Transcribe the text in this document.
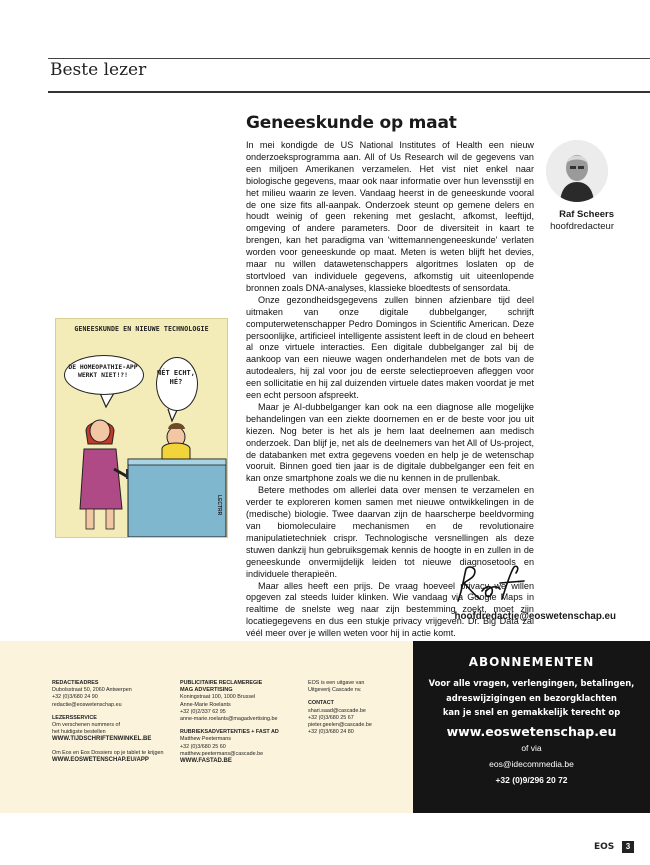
Beste lezer
Geneeskunde op maat

In mei kondigde de US National Institutes of Health een nieuw onderzoeksprogramma aan. All of Us Research wil de gegevens van een miljoen Amerikanen verzamelen. Het vist niet enkel naar biologische gegevens, maar ook naar informatie over hun levensstijl en het milieu waarin ze leven. Vandaag heerst in de geneeskunde vooral de one size fits all-aanpak. Onderzoek steunt op gemene delers en houdt weinig of geen rekening met geslacht, afkomst, leeftijd, omgeving of andere parameters. Door de diversiteit in kaart te brengen, kan het paradigma van 'wittemannengeneeskunde' verlaten worden voor geneeskunde op maat. Meten is weten blijft het devies, maar nu willen datawetenschappers algoritmes loslaten op de stortvloed van individuele gegevens, afkomstig uit uiteenlopende bronnen zoals DNA-analyses, klassieke bloedtests of sensordata.

Onze gezondheidsgegevens zullen binnen afzienbare tijd deel uitmaken van onze digitale dubbelganger, schrijft computerwetenschapper Pedro Domingos in Scientific American. Deze persoonlijke, artificieel intelligente assistent leeft in de cloud en beheert al onze virtuele interacties. Een digitale dubbelganger zal bij de aankoop van een nieuwe wagen onderhandelen met de bots van de autodealers, hij zal voor jou de eerste selectieproeven afleggen voor een sollicitatie en hij zal duizenden virtuele dates maken voordat je met een echt persoon afspreekt.

Maar je AI-dubbelganger kan ook na een diagnose alle mogelijke behandelingen van een ziekte doornemen en er de beste voor jou uit kiezen. Nog beter is het als je hem laat deelnemen aan medisch onderzoek. Dan blijf je, net als de deelnemers van het All of Us-project, de databanken met extra gegevens voeden en help je de wetenschap vooruit. Binnen goed tien jaar is de digitale dubbelganger een feit en kan onze smartphone zoals we die nu kennen in de prullenbak.

Betere methodes om allerlei data over mensen te verzamelen en verder te exploreren komen samen met nieuwe ontwikkelingen in de (medische) biologie. Twee daarvan zijn de haarscherpe beeldvorming van biomoleculaire mechanismen en de revolutionaire manipulatietechniek crispr. Technologische versnellingen als deze stuwen dankzij hun gebruiksgemak kennis de hoogte in en zullen in de geneeskunde onvermijdelijk leiden tot nieuwe diagnosetools en individuele therapieën.

Maar alles heeft een prijs. De vraag hoeveel privacy we willen opgeven zal steeds luider klinken. Wie vandaag via Google Maps in realtime de snelste weg naar zijn bestemming zoekt, moet zijn locatiegegevens en dus een stukje privacy vrijgeven. Dr. Big Data zal véél meer over je willen weten voor hij in actie komt.

Raf Scheers
hoofdredacteur
GENEESKUNDE EN NIEUWE TECHNOLOGIE
DE HOMEOPATHIE-APP WERKT NIET!?!	NÉT ECHT, HÉ?
LECTRR
hoofdredactie@eoswetenschap.eu
REDACTIEADRES
Dubolsstraat 50, 2060 Antwerpen
+32 (0)3/680 24 90
redactie@eoswetenschap.eu
LEZERSSERVICE
Om verschenen nummers of
het huidigste bestellen
WWW.TIJDSCHRIFTENWINKEL.BE
Om Eos en Eos Dossiers op je tablet te krijgen
WWW.EOSWETENSCHAP.EU/APP
PUBLICITAIRE RECLAMEREGIE
MAG ADVERTISING
Koningstraat 100, 1000 Brussel
Anne-Marie Roelants
+32 (0)2/337 62 95
anne-marie.roelants@magadvertising.be
RUBRIEKSADVERTENTIES + FAST AD
Matthew Peetermans
+32 (0)3/680 25 60
matthew.peetermans@cascade.be
WWW.FASTAD.BE
EOS is een uitgave van
Uitgeverij Cascade nv.
CONTACT
shari.saad@cascade.be
+32 (0)3/680 25 67
pieter.geelen@cascade.be
+32 (0)3/680 24 80
ABONNEMENTEN
Voor alle vragen, verlengingen, betalingen,
adreswijzigingen en bezorgklachten
kan je snel en gemakkelijk terecht op
www.eoswetenschap.eu
of via
eos@idecommedia.be
+32 (0)9/296 20 72
EOS	3
